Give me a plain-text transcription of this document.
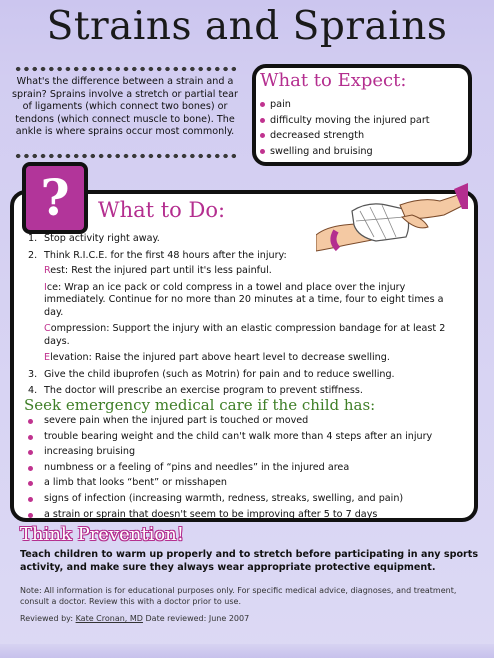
Strains and Sprains
What's the difference between a strain and a sprain? Sprains involve a stretch or partial tear of ligaments (which connect two bones) or tendons (which connect muscle to bone). The ankle is where sprains occur most commonly.
What to Expect:
pain
difficulty moving the injured part
decreased strength
swelling and bruising
? What to Do:
1. Stop activity right away.
2. Think R.I.C.E. for the first 48 hours after the injury:
Rest: Rest the injured part until it's less painful.
Ice: Wrap an ice pack or cold compress in a towel and place over the injury immediately. Continue for no more than 20 minutes at a time, four to eight times a day.
Compression: Support the injury with an elastic compression bandage for at least 2 days.
Elevation: Raise the injured part above heart level to decrease swelling.
3. Give the child ibuprofen (such as Motrin) for pain and to reduce swelling.
4. The doctor will prescribe an exercise program to prevent stiffness.
Seek emergency medical care if the child has:
severe pain when the injured part is touched or moved
trouble bearing weight and the child can't walk more than 4 steps after an injury
increasing bruising
numbness or a feeling of “pins and needles” in the injured area
a limb that looks “bent” or misshapen
signs of infection (increasing warmth, redness, streaks, swelling, and pain)
a strain or sprain that doesn't seem to be improving after 5 to 7 days
Think Prevention!
Teach children to warm up properly and to stretch before participating in any sports activity, and make sure they always wear appropriate protective equipment.
Note: All information is for educational purposes only. For specific medical advice, diagnoses, and treatment, consult a doctor. Review this with a doctor prior to use.
Reviewed by: Kate Cronan, MD Date reviewed: June 2007
